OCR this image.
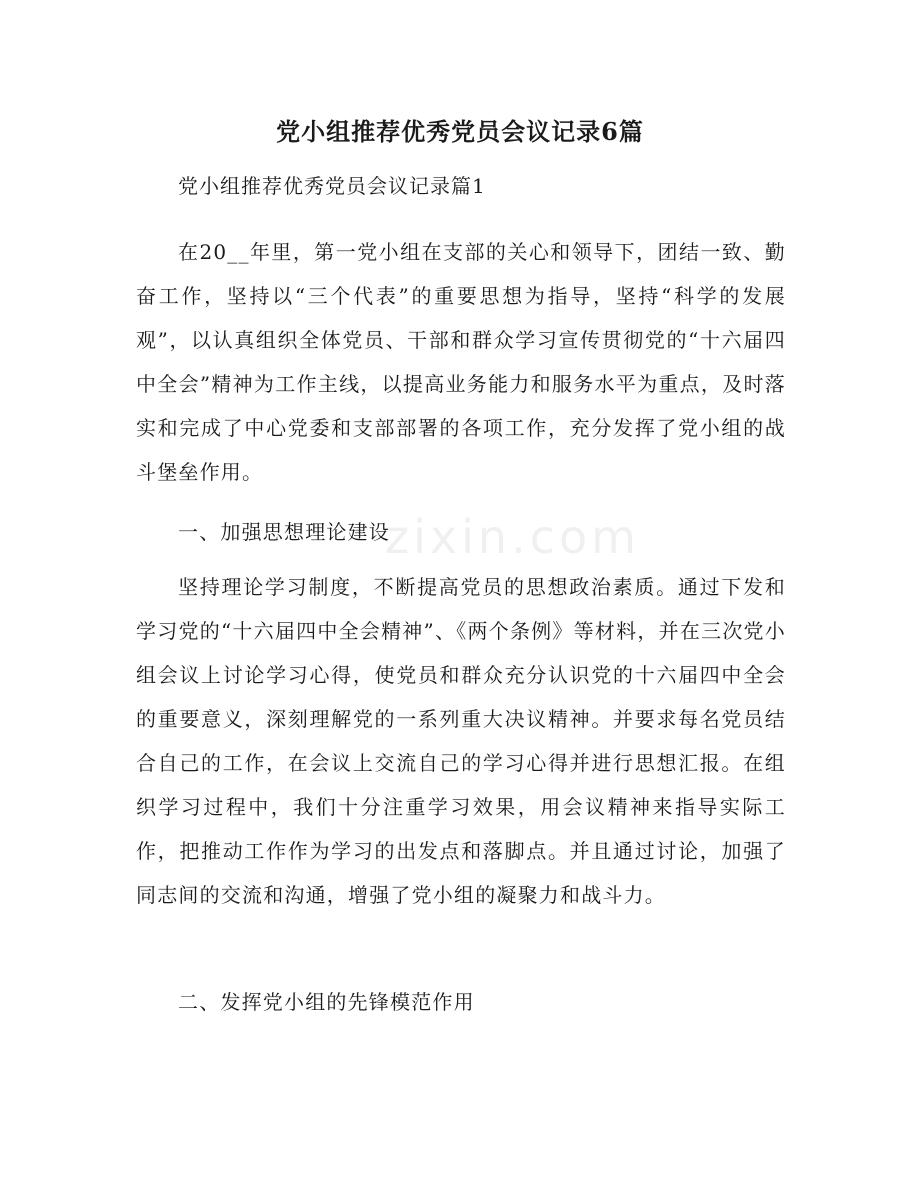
zixin.com
党小组推荐优秀党员会议记录6篇
党小组推荐优秀党员会议记录篇1
在20__年里，第一党小组在支部的关心和领导下，团结一致、勤奋工作，坚持以“三个代表”的重要思想为指导，坚持“科学的发展观”，以认真组织全体党员、干部和群众学习宣传贯彻党的“十六届四中全会”精神为工作主线，以提高业务能力和服务水平为重点，及时落实和完成了中心党委和支部部署的各项工作，充分发挥了党小组的战斗堡垒作用。
一、加强思想理论建设
坚持理论学习制度，不断提高党员的思想政治素质。通过下发和学习党的“十六届四中全会精神”、《两个条例》等材料，并在三次党小组会议上讨论学习心得，使党员和群众充分认识党的十六届四中全会的重要意义，深刻理解党的一系列重大决议精神。并要求每名党员结合自己的工作，在会议上交流自己的学习心得并进行思想汇报。在组织学习过程中，我们十分注重学习效果，用会议精神来指导实际工作，把推动工作作为学习的出发点和落脚点。并且通过讨论，加强了同志间的交流和沟通，增强了党小组的凝聚力和战斗力。
二、发挥党小组的先锋模范作用
